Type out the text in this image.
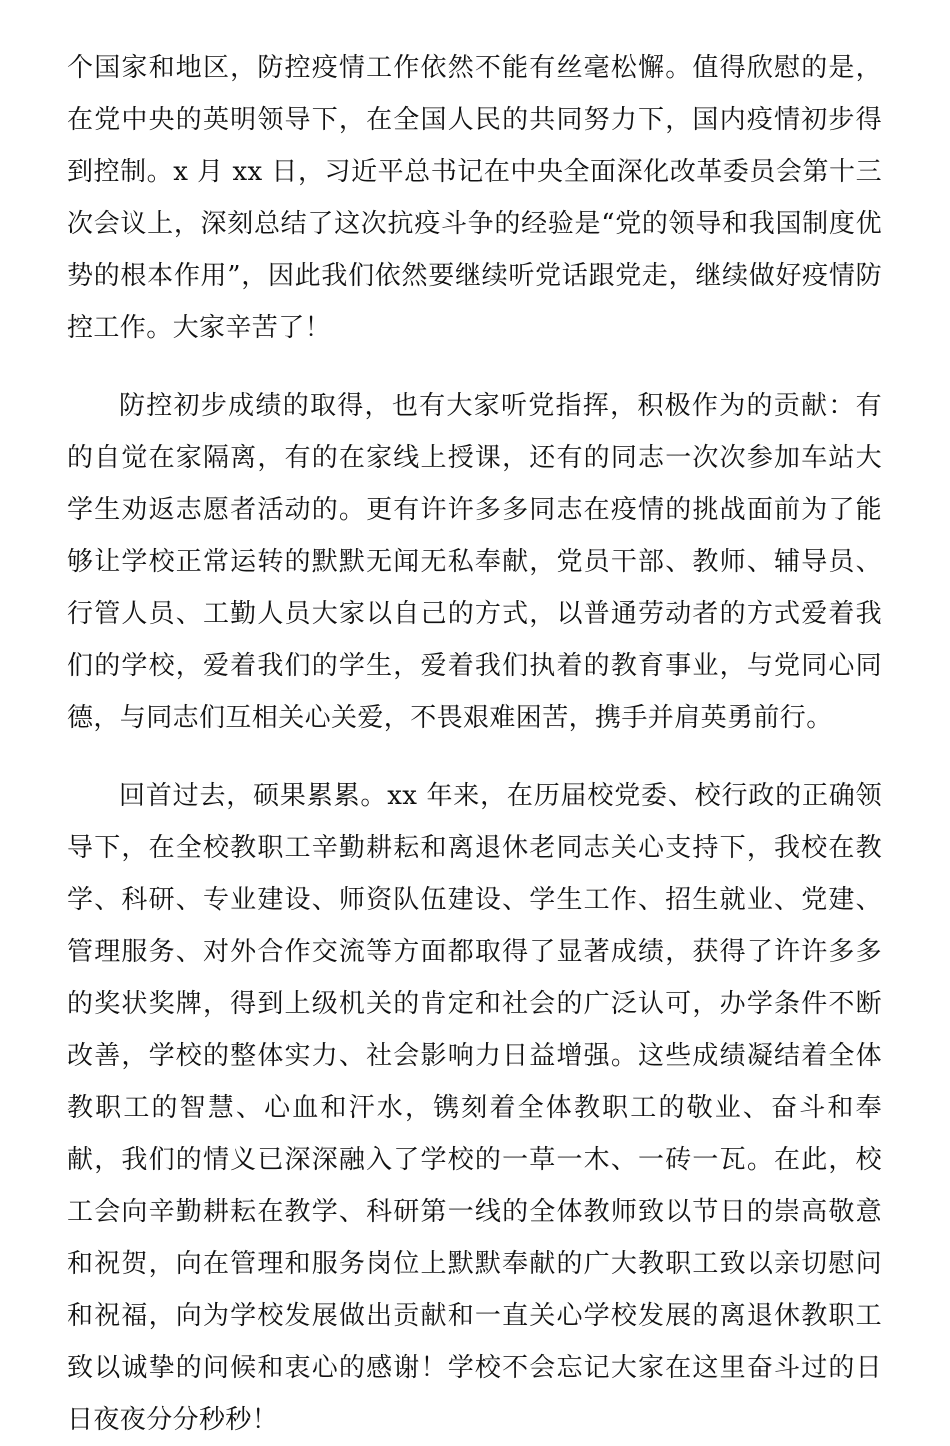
个国家和地区，防控疫情工作依然不能有丝毫松懈。值得欣慰的是，在党中央的英明领导下，在全国人民的共同努力下，国内疫情初步得到控制。x 月 xx 日，习近平总书记在中央全面深化改革委员会第十三次会议上，深刻总结了这次抗疫斗争的经验是“党的领导和我国制度优势的根本作用”，因此我们依然要继续听党话跟党走，继续做好疫情防控工作。大家辛苦了！

防控初步成绩的取得，也有大家听党指挥，积极作为的贡献：有的自觉在家隔离，有的在家线上授课，还有的同志一次次参加车站大学生劝返志愿者活动的。更有许许多多同志在疫情的挑战面前为了能够让学校正常运转的默默无闻无私奉献，党员干部、教师、辅导员、行管人员、工勤人员大家以自己的方式，以普通劳动者的方式爱着我们的学校，爱着我们的学生，爱着我们执着的教育事业，与党同心同德，与同志们互相关心关爱，不畏艰难困苦，携手并肩英勇前行。

回首过去，硕果累累。xx 年来，在历届校党委、校行政的正确领导下，在全校教职工辛勤耕耘和离退休老同志关心支持下，我校在教学、科研、专业建设、师资队伍建设、学生工作、招生就业、党建、管理服务、对外合作交流等方面都取得了显著成绩，获得了许许多多的奖状奖牌，得到上级机关的肯定和社会的广泛认可，办学条件不断改善，学校的整体实力、社会影响力日益增强。这些成绩凝结着全体教职工的智慧、心血和汗水，镌刻着全体教职工的敬业、奋斗和奉献，我们的情义已深深融入了学校的一草一木、一砖一瓦。在此，校工会向辛勤耕耘在教学、科研第一线的全体教师致以节日的崇高敬意和祝贺，向在管理和服务岗位上默默奉献的广大教职工致以亲切慰问和祝福，向为学校发展做出贡献和一直关心学校发展的离退休教职工致以诚挚的问候和衷心的感谢！学校不会忘记大家在这里奋斗过的日日夜夜分分秒秒！
